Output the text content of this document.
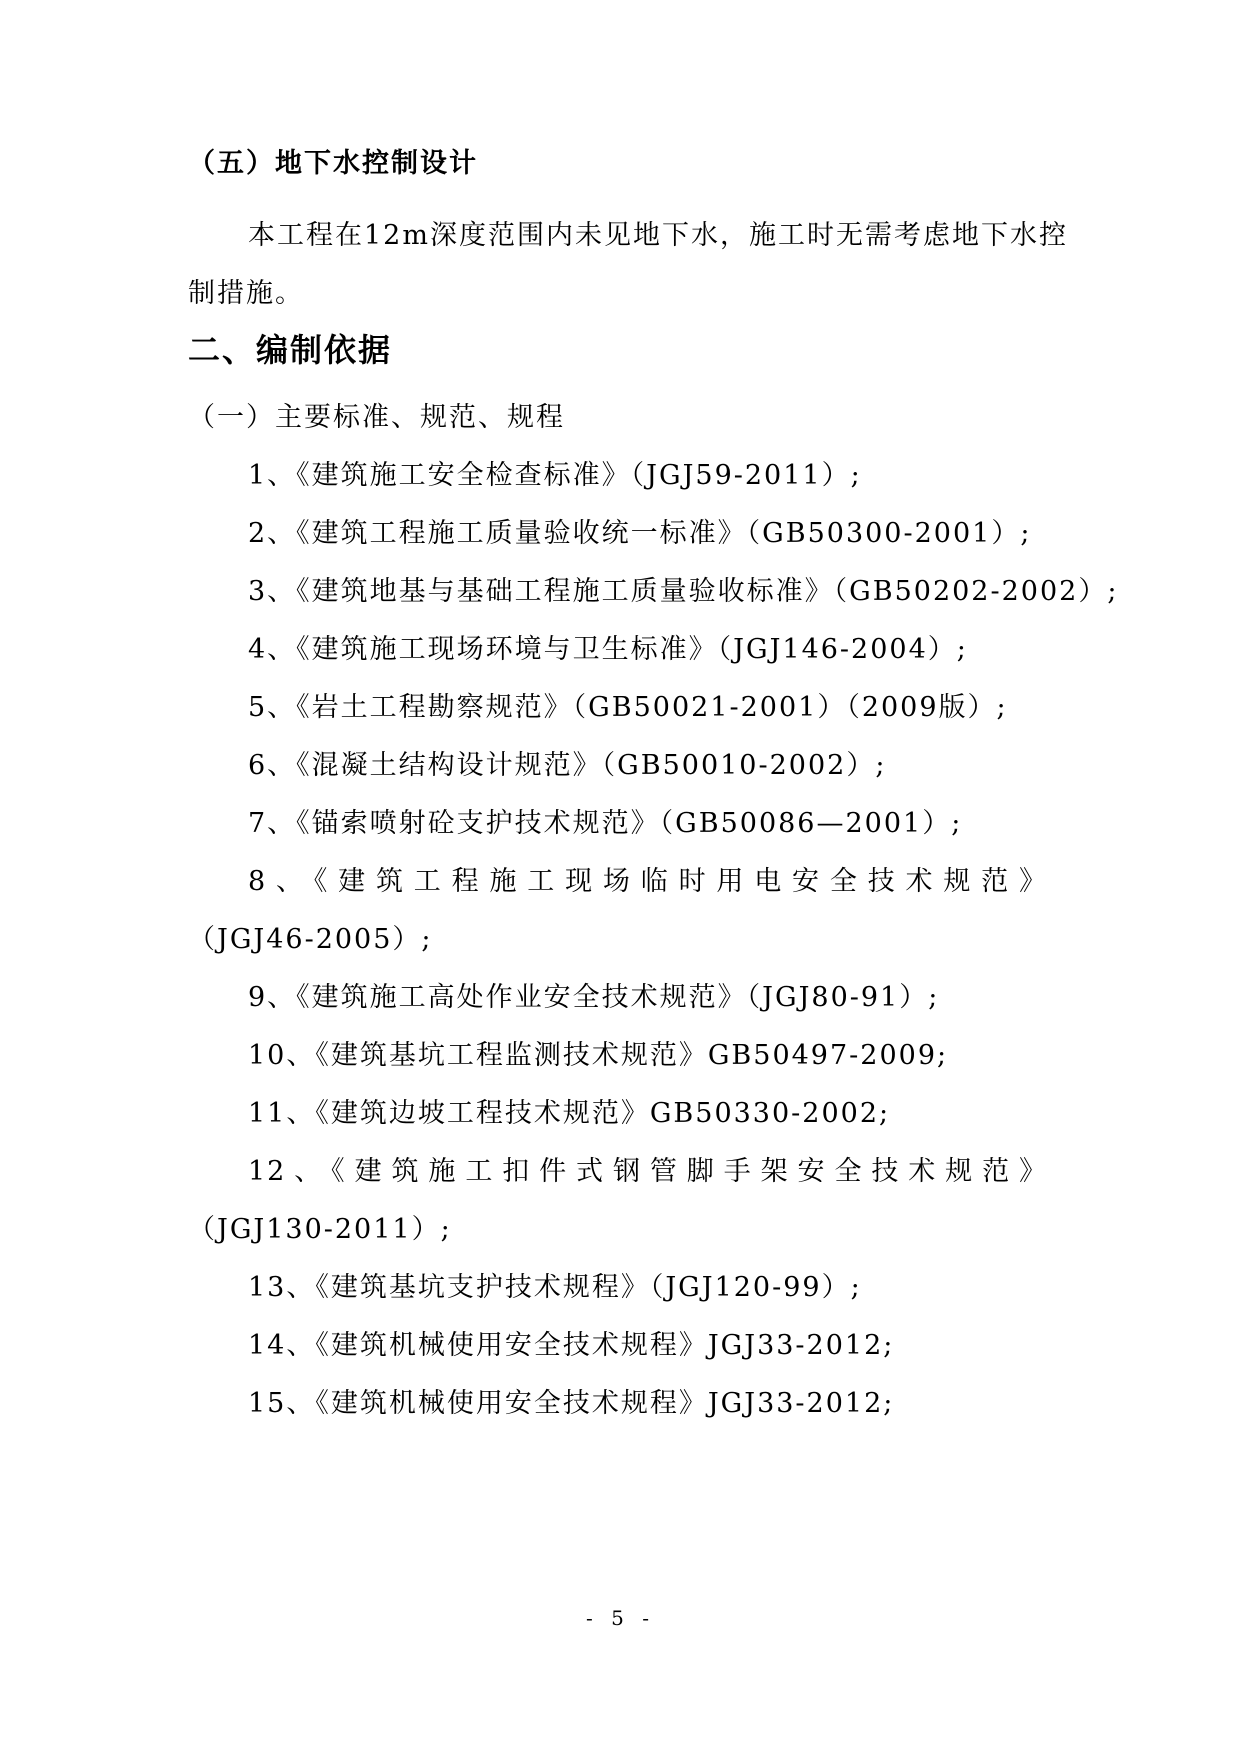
（五）地下水控制设计
本工程在12m深度范围内未见地下水，施工时无需考虑地下水控
制措施。
二、编制依据
（一）主要标准、规范、规程
1、《建筑施工安全检查标准》（JGJ59-2011）;
2、《建筑工程施工质量验收统一标准》（GB50300-2001）;
3、《建筑地基与基础工程施工质量验收标准》（GB50202-2002）;
4、《建筑施工现场环境与卫生标准》（JGJ146-2004）;
5、《岩土工程勘察规范》（GB50021-2001）（2009版）;
6、《混凝土结构设计规范》（GB50010-2002）;
7、《锚索喷射砼支护技术规范》（GB50086—2001）;
8、《建筑工程施工现场临时用电安全技术规范》
（JGJ46-2005）;
9、《建筑施工高处作业安全技术规范》（JGJ80-91）;
10、《建筑基坑工程监测技术规范》GB50497-2009;
11、《建筑边坡工程技术规范》GB50330-2002;
12、《建筑施工扣件式钢管脚手架安全技术规范》
（JGJ130-2011）;
13、《建筑基坑支护技术规程》（JGJ120-99）;
14、《建筑机械使用安全技术规程》JGJ33-2012;
15、《建筑机械使用安全技术规程》JGJ33-2012;
- 5 -
